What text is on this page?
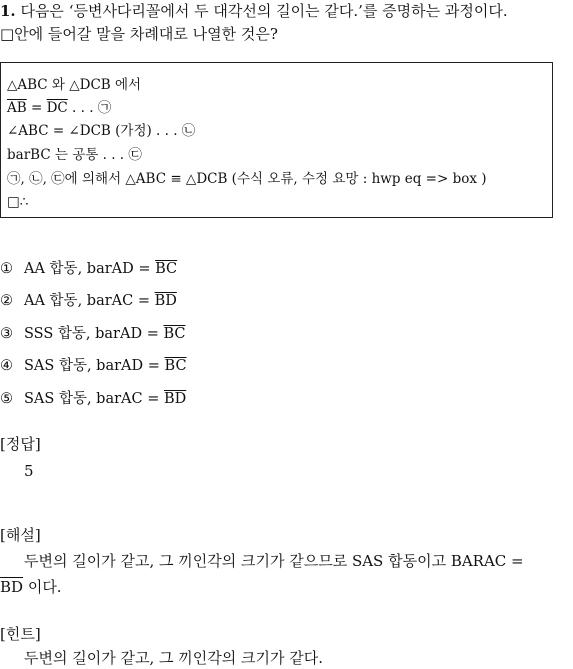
1. 다음은 ‘등변사다리꼴에서 두 대각선의 길이는 같다.’를 증명하는 과정이다.
□안에 들어갈 말을 차례대로 나열한 것은?
△ABC 와 △DCB 에서
$\overline{AB} = \overline{DC}$ . . . ㉠
∠ABC = ∠DCB (가정) . . . ㉡
barBC 는 공통 . . . ㉢
㉠, ㉡, ㉢에 의해서 △ABC ≡ △DCB (수식 오류, 수정 요망 : hwp eq => box )
□∴
① AA 합동, barAD = $\overline{BC}$
② AA 합동, barAC = $\overline{BD}$
③ SSS 합동, barAD = $\overline{BC}$
④ SAS 합동, barAD = $\overline{BC}$
⑤ SAS 합동, barAC = $\overline{BD}$
[정답]
5
[해설]
두변의 길이가 같고, 그 끼인각의 크기가 같으므로 SAS 합동이고 BARAC =
$\overline{BD}$ 이다.
[힌트]
두변의 길이가 같고, 그 끼인각의 크기가 같다.
